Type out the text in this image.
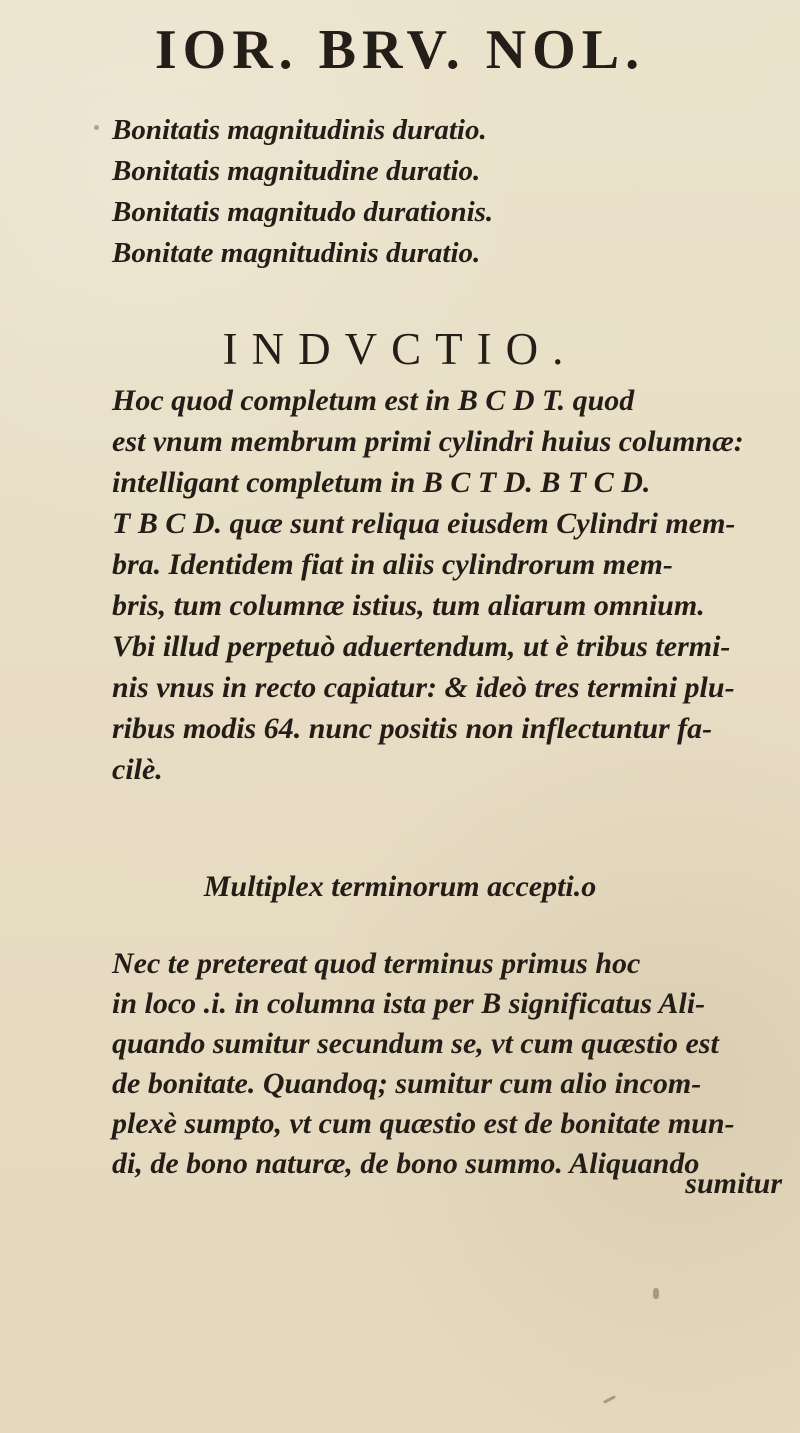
IOR. BRV. NOL.
Bonitatis magnitudinis duratio.
Bonitatis magnitudine duratio.
Bonitatis magnitudo durationis.
Bonitate magnitudinis duratio.
INDVCTIO.
Hoc quod completum est in B C D T. quod
est vnum membrum primi cylindri huius columnæ:
intelligant completum in B C T D. B T C D.
T B C D. quæ sunt reliqua eiusdem Cylindri mem-
bra. Identidem fiat in aliis cylindrorum mem-
bris, tum columnæ istius, tum aliarum omnium.
Vbi illud perpetuò aduertendum, ut è tribus termi-
nis vnus in recto capiatur: & ideò tres termini plu-
ribus modis 64. nunc positis non inflectuntur fa-
cilè.
Multiplex terminorum accepti.o
Nec te pretereat quod terminus primus hoc
in loco .i. in columna ista per B significatus Ali-
quando sumitur secundum se, vt cum quæstio est
de bonitate. Quandoq; sumitur cum alio incom-
plexè sumpto, vt cum quæstio est de bonitate mun-
di, de bono naturæ, de bono summo. Aliquando
sumitur
